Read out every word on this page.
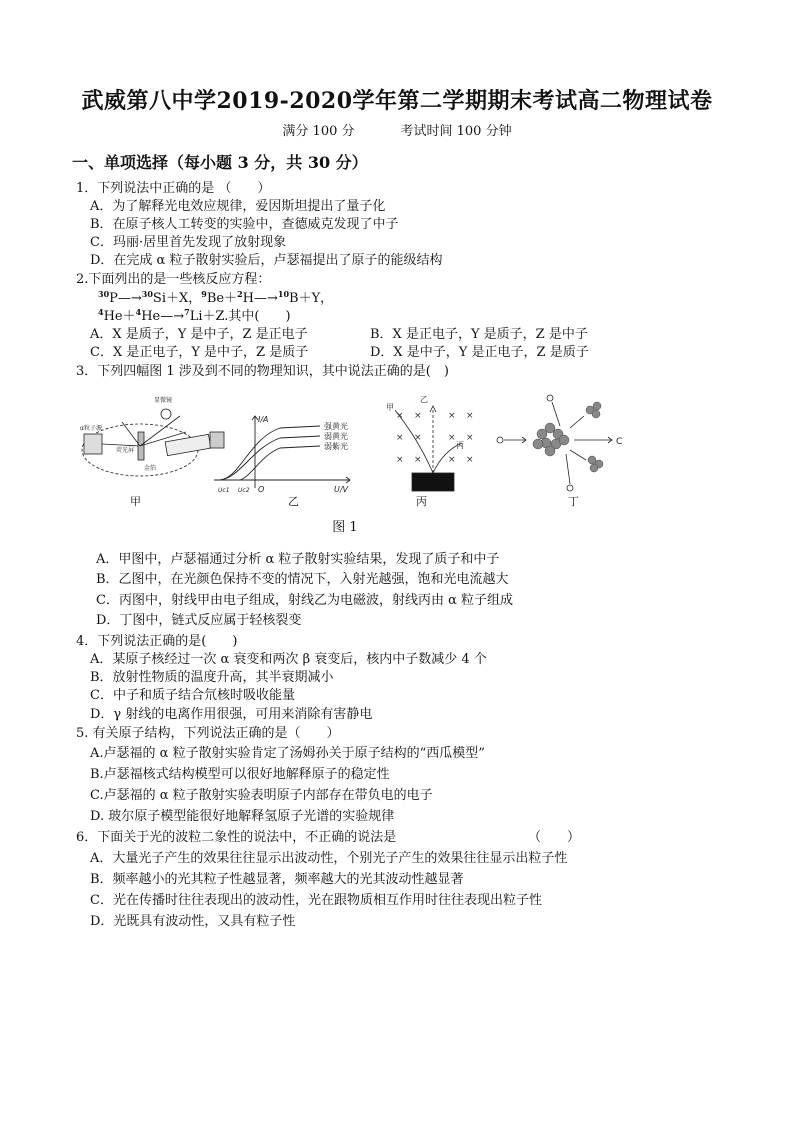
武威第八中学2019-2020学年第二学期期末考试高二物理试卷
满分 100 分	考试时间 100 分钟
一、单项选择（每小题 3 分，共 30 分）
1．下列说法中正确的是 （　　）
A．为了解释光电效应规律，爱因斯坦提出了量子化
B．在原子核人工转变的实验中，查德威克发现了中子
C．玛丽·居里首先发现了放射现象
D．在完成 α 粒子散射实验后，卢瑟福提出了原子的能级结构
2.下面列出的是一些核反应方程：
$^{30}$P—→$^{30}$Si＋X，$^9$Be＋$^2$H—→$^{10}$B＋Y，
$^4$He＋$^4$He—→$^7$Li＋Z.其中(　　)
A．X 是质子，Y 是中子，Z 是正电子	B．X 是正电子，Y 是质子，Z 是中子
C．X 是正电子，Y 是中子，Z 是质子	D．X 是中子，Y 是正电子，Z 是质子
3．下列四幅图 1 涉及到不同的物理知识，其中说法正确的是(　)
α粒子源
显微镜
金箔
荧光屏
甲
I/A
U/V
O
Uc1 Uc2
强黄光
弱黄光
弱紫光
乙
× ×	× ×
× ×	× ×
× ×	× ×
甲
乙
丙
丙
C
丁
图 1
A．甲图中，卢瑟福通过分析 α 粒子散射实验结果，发现了质子和中子
B．乙图中，在光颜色保持不变的情况下，入射光越强，饱和光电流越大
C．丙图中，射线甲由电子组成，射线乙为电磁波，射线丙由 α 粒子组成
D．丁图中，链式反应属于轻核裂变
4．下列说法正确的是(　　)
A．某原子核经过一次 α 衰变和两次 β 衰变后，核内中子数减少 4 个
B．放射性物质的温度升高，其半衰期减小
C．中子和质子结合氘核时吸收能量
D．γ 射线的电离作用很强，可用来消除有害静电
5. 有关原子结构，下列说法正确的是（　　）
A.卢瑟福的 α 粒子散射实验肯定了汤姆孙关于原子结构的“西瓜模型”
B.卢瑟福核式结构模型可以很好地解释原子的稳定性
C.卢瑟福的 α 粒子散射实验表明原子内部存在带负电的电子
D. 玻尔原子模型能很好地解释氢原子光谱的实验规律
6．下面关于光的波粒二象性的说法中，不正确的说法是	（　　）
A．大量光子产生的效果往往显示出波动性，个别光子产生的效果往往显示出粒子性
B．频率越小的光其粒子性越显著，频率越大的光其波动性越显著
C．光在传播时往往表现出的波动性，光在跟物质相互作用时往往表现出粒子性
D．光既具有波动性，又具有粒子性
